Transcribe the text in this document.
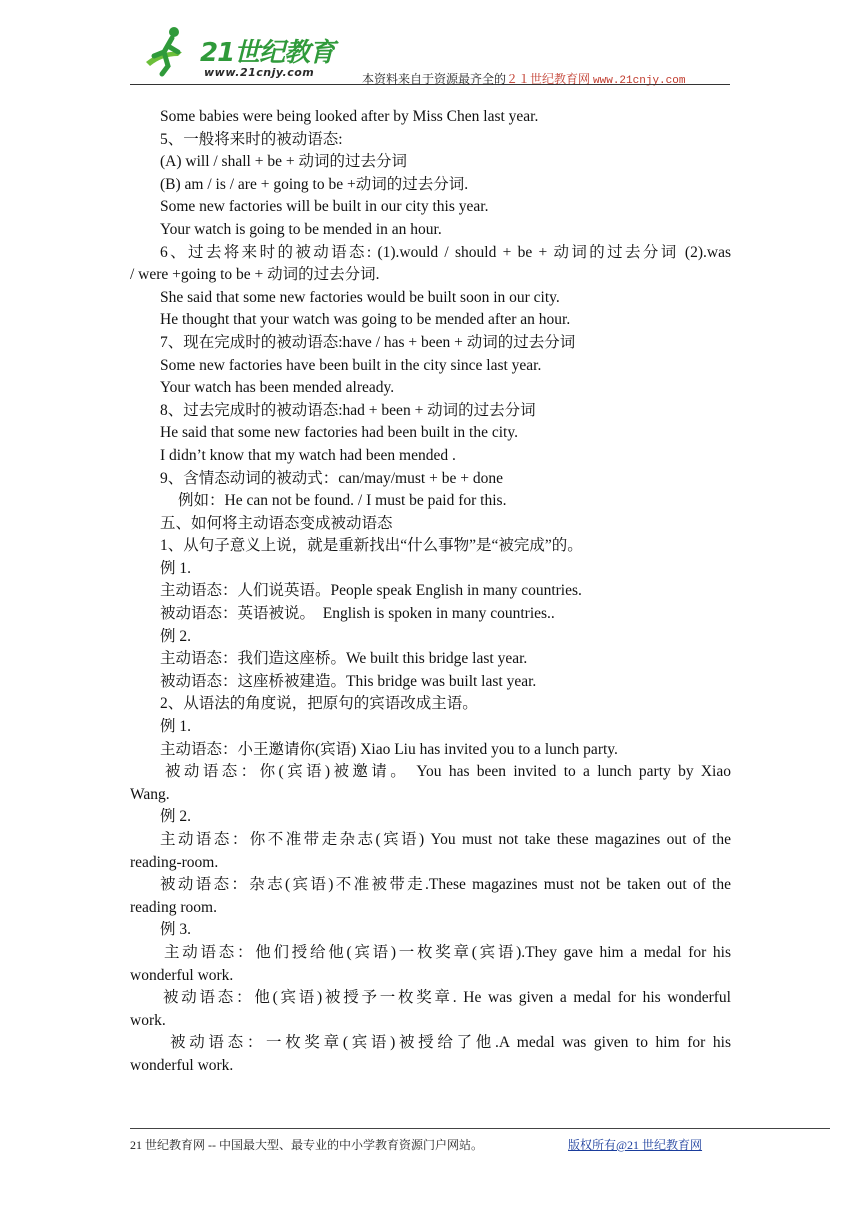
21世纪教育
www.21cnjy.com	本资料来自于资源最齐全的２１世纪教育网 www.21cnjy.com
Some babies were being looked after by Miss Chen last year.
5、一般将来时的被动语态:
(A) will / shall + be + 动词的过去分词
(B) am / is / are + going to be +动词的过去分词.
Some new factories will be built in our city this year.
Your watch is going to be mended in an hour.
6、过去将来时的被动语态: (1).would / should + be + 动词的过去分词 (2).was
/ were +going to be + 动词的过去分词.
She said that some new factories would be built soon in our city.
He thought that your watch was going to be mended after an hour.
7、现在完成时的被动语态:have / has + been + 动词的过去分词
Some new factories have been built in the city since last year.
Your watch has been mended already.
8、过去完成时的被动语态:had + been + 动词的过去分词
He said that some new factories had been built in the city.
I didn’t know that my watch had been mended .
9、含情态动词的被动式：can/may/must + be + done
例如：He can not be found. / I must be paid for this.
五、如何将主动语态变成被动语态
1、从句子意义上说，就是重新找出“什么事物”是“被完成”的。
例 1.
主动语态：人们说英语。People speak English in many countries.
被动语态：英语被说。  English is spoken in many countries..
例 2.
主动语态：我们造这座桥。We built this bridge last year.
被动语态：这座桥被建造。This bridge was built last year.
2、从语法的角度说，把原句的宾语改成主语。
例 1.
主动语态：小王邀请你(宾语) Xiao Liu has invited you to a lunch party.
被动语态：你(宾语)被邀请。 You has been invited to a lunch party by Xiao
Wang.
例 2.
主动语态：你不准带走杂志(宾语) You must not take these magazines out of the
reading-room.
被动语态：杂志(宾语)不准被带走.These magazines must not be taken out of the
reading room.
例 3.
主动语态：他们授给他(宾语)一枚奖章(宾语).They gave him a medal for his
wonderful work.
被动语态：他(宾语)被授予一枚奖章. He was given a medal for his wonderful
work.
被动语态：一枚奖章(宾语)被授给了他.A medal was given to him for his
wonderful work.
21 世纪教育网 -- 中国最大型、最专业的中小学教育资源门户网站。	版权所有@21 世纪教育网
